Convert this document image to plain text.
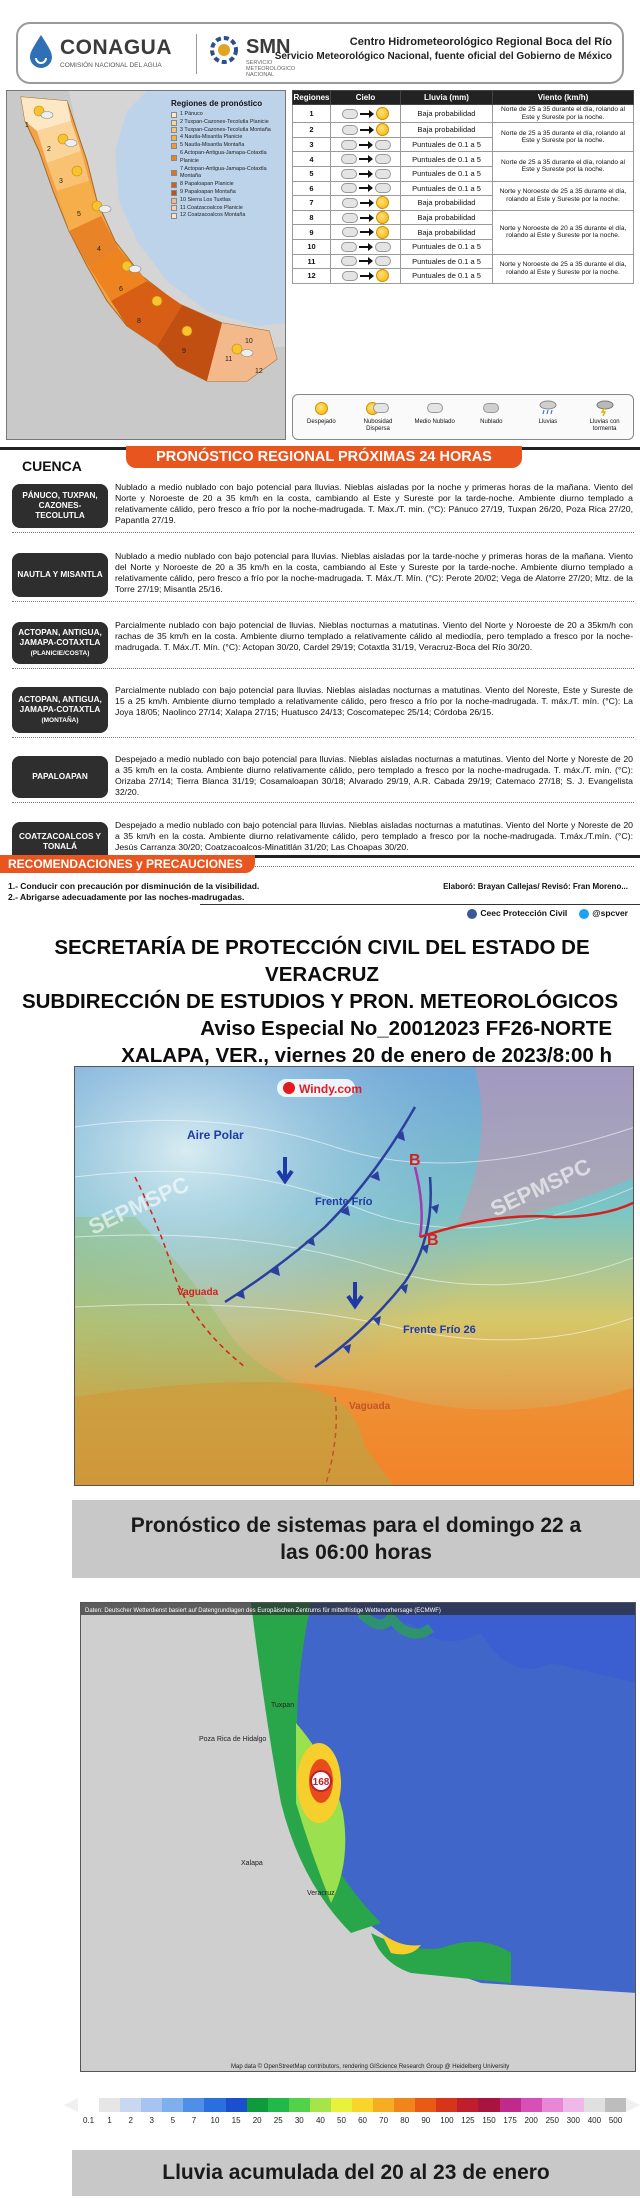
CONAGUA
COMISIÓN NACIONAL DEL AGUA
SMN
SERVICIO METEOROLÓGICO NACIONAL
Centro Hidrometeorológico Regional Boca del Río
Servicio Meteorológico Nacional, fuente oficial del Gobierno de México
1
2
3
5
4
6
8
9
11
10
12
Regiones de pronóstico
1 Pánuco
2 Tuxpan-Cazones-Tecolutla Planicie
3 Tuxpan-Cazones-Tecolutla Montaña
4 Nautla-Misantla Planicie
5 Nautla-Misantla Montaña
6 Actopan-Antigua-Jamapa-Cotaxtla Planicie
7 Actopan-Antigua-Jamapa-Cotaxtla Montaña
8 Papaloapan Planicie
9 Papaloapan Montaña
10 Sierra Los Tuxtlas
11 Coatzacoalcos Planicie
12 Coatzacoalcos Montaña
Regiones	Cielo	Lluvia (mm)	Viento (km/h)
1		Baja probabilidad	Norte de 25 a 35 durante el día, rolando al Este y Sureste por la noche.
2		Baja probabilidad	Norte de 25 a 35 durante el día, rolando al Este y Sureste por la noche.
3		Puntuales de 0.1 a 5	
4		Puntuales de 0.1 a 5	Norte de 25 a 35 durante el día, rolando al Este y Sureste por la noche.
5		Puntuales de 0.1 a 5	
6		Puntuales de 0.1 a 5	Norte y Noroeste de 25 a 35 durante el día, rolando al Este y Sureste por la noche.
7		Baja probabilidad	
8		Baja probabilidad	Norte y Noroeste de 20 a 35 durante el día, rolando al Este y Sureste por la noche.
9		Baja probabilidad	
10		Puntuales de 0.1 a 5	
11		Puntuales de 0.1 a 5	Norte y Noroeste de 25 a 35 durante el día, rolando al Este y Sureste por la noche.
12		Puntuales de 0.1 a 5	
Despejado	Nubosidad Dispersa
Medio Nublado	Nublado	Lluvias	Lluvias con tormenta
PRONÓSTICO REGIONAL PRÓXIMAS 24 HORAS
CUENCA
PÁNUCO, TUXPAN, CAZONES-TECOLUTLA
Nublado a medio nublado con bajo potencial para lluvias. Nieblas aisladas por la noche y primeras horas de la mañana. Viento del Norte y Noroeste de 20 a 35 km/h en la costa, cambiando al Este y Sureste por la tarde-noche. Ambiente diurno templado a relativamente cálido, pero fresco a frío por la noche-madrugada. T. Max./T. min. (°C): Pánuco 27/19, Tuxpan 26/20, Poza Rica 27/20, Papantla 27/19.
NAUTLA Y MISANTLA
Nublado a medio nublado con bajo potencial para lluvias. Nieblas aisladas por la tarde-noche y primeras horas de la mañana. Viento del Norte y Noroeste de 20 a 35 km/h en la costa, cambiando al Este y Sureste por la tarde-noche. Ambiente diurno templado a relativamente cálido, pero fresco a frío por la noche-madrugada. T. Máx./T. Mín. (°C): Perote 20/02; Vega de Alatorre 27/20; Mtz. de la Torre 27/19; Misantla 25/16.
ACTOPAN, ANTIGUA, JAMAPA-COTAXTLA
(PLANICIE/COSTA)
Parcialmente nublado con bajo potencial de lluvias. Nieblas nocturnas a matutinas. Viento del Norte y Noroeste de 20 a 35km/h con rachas de 35 km/h en la costa. Ambiente diurno templado a relativamente cálido al mediodía, pero templado a fresco por la noche-madrugada. T. Máx./T. Mín. (°C): Actopan 30/20, Cardel 29/19; Cotaxtla 31/19, Veracruz-Boca del Río 30/20.
ACTOPAN, ANTIGUA, JAMAPA-COTAXTLA
(MONTAÑA)
Parcialmente nublado con bajo potencial para lluvias. Nieblas aisladas nocturnas a matutinas. Viento del Noreste, Este y Sureste de 15 a 25 km/h. Ambiente diurno templado a relativamente cálido, pero fresco a frío por la noche-madrugada. T. máx./T. mín. (°C): La Joya 18/05; Naolinco 27/14; Xalapa 27/15; Huatusco 24/13; Coscomatepec 25/14; Córdoba 26/15.
PAPALOAPAN
Despejado a medio nublado con bajo potencial para lluvias. Nieblas aisladas nocturnas a matutinas. Viento del Norte y Noreste de 20 a 35 km/h en la costa. Ambiente diurno relativamente cálido, pero templado a fresco por la noche-madrugada. T. máx./T. mín. (°C): Orizaba 27/14; Tierra Blanca 31/19; Cosamaloapan 30/18; Alvarado 29/19, A.R. Cabada 29/19; Catemaco 27/18; S. J. Evangelista 32/20.
COATZACOALCOS Y TONALÁ
Despejado a medio nublado con bajo potencial para lluvias. Nieblas aisladas nocturnas a matutinas. Viento del Norte y Noreste de 20 a 35 km/h en la costa. Ambiente diurno relativamente cálido, pero templado a fresco por la noche-madrugada. T.máx./T.mín. (°C): Jesús Carranza 30/20; Coatzacoalcos-Minatitlán 31/20; Las Choapas 30/20.
RECOMENDACIONES y PRECAUCIONES
1.- Conducir con precaución por disminución de la visibilidad.
2.- Abrigarse adecuadamente por las noches-madrugadas.
Elaboró: Brayan Callejas/ Revisó: Fran Moreno...
Ceec Protección Civil	@spcver
SECRETARÍA DE PROTECCIÓN CIVIL DEL ESTADO DE VERACRUZ
SUBDIRECCIÓN DE ESTUDIOS Y PRON. METEOROLÓGICOS
Aviso Especial No_20012023 FF26-NORTE
XALAPA, VER., viernes 20 de enero de 2023/8:00 h
Windy.com
Aire Polar
Frente Frío
Frente Frío 26
Vaguada
Vaguada
B
B
SEPMSPC	SEPMSPC
Pronóstico de sistemas para el domingo 22 a
las 06:00 horas
168
Daten: Deutscher Wetterdienst basiert auf Datengrundlagen des Europäischen Zentrums für mittelfristige Wettervorhersage (ECMWF)
Map data © OpenStreetMap contributors, rendering GIScience Research Group @ Heidelberg University
Poza Rica de Hidalgo
Xalapa
Tuxpan
Veracruz
0.1	1	2	3	5	7	10	15	20	25	30	40	50	60	70	80	90	100 125 150 175 200 250 300 400 500
Lluvia acumulada del 20 al 23 de enero
